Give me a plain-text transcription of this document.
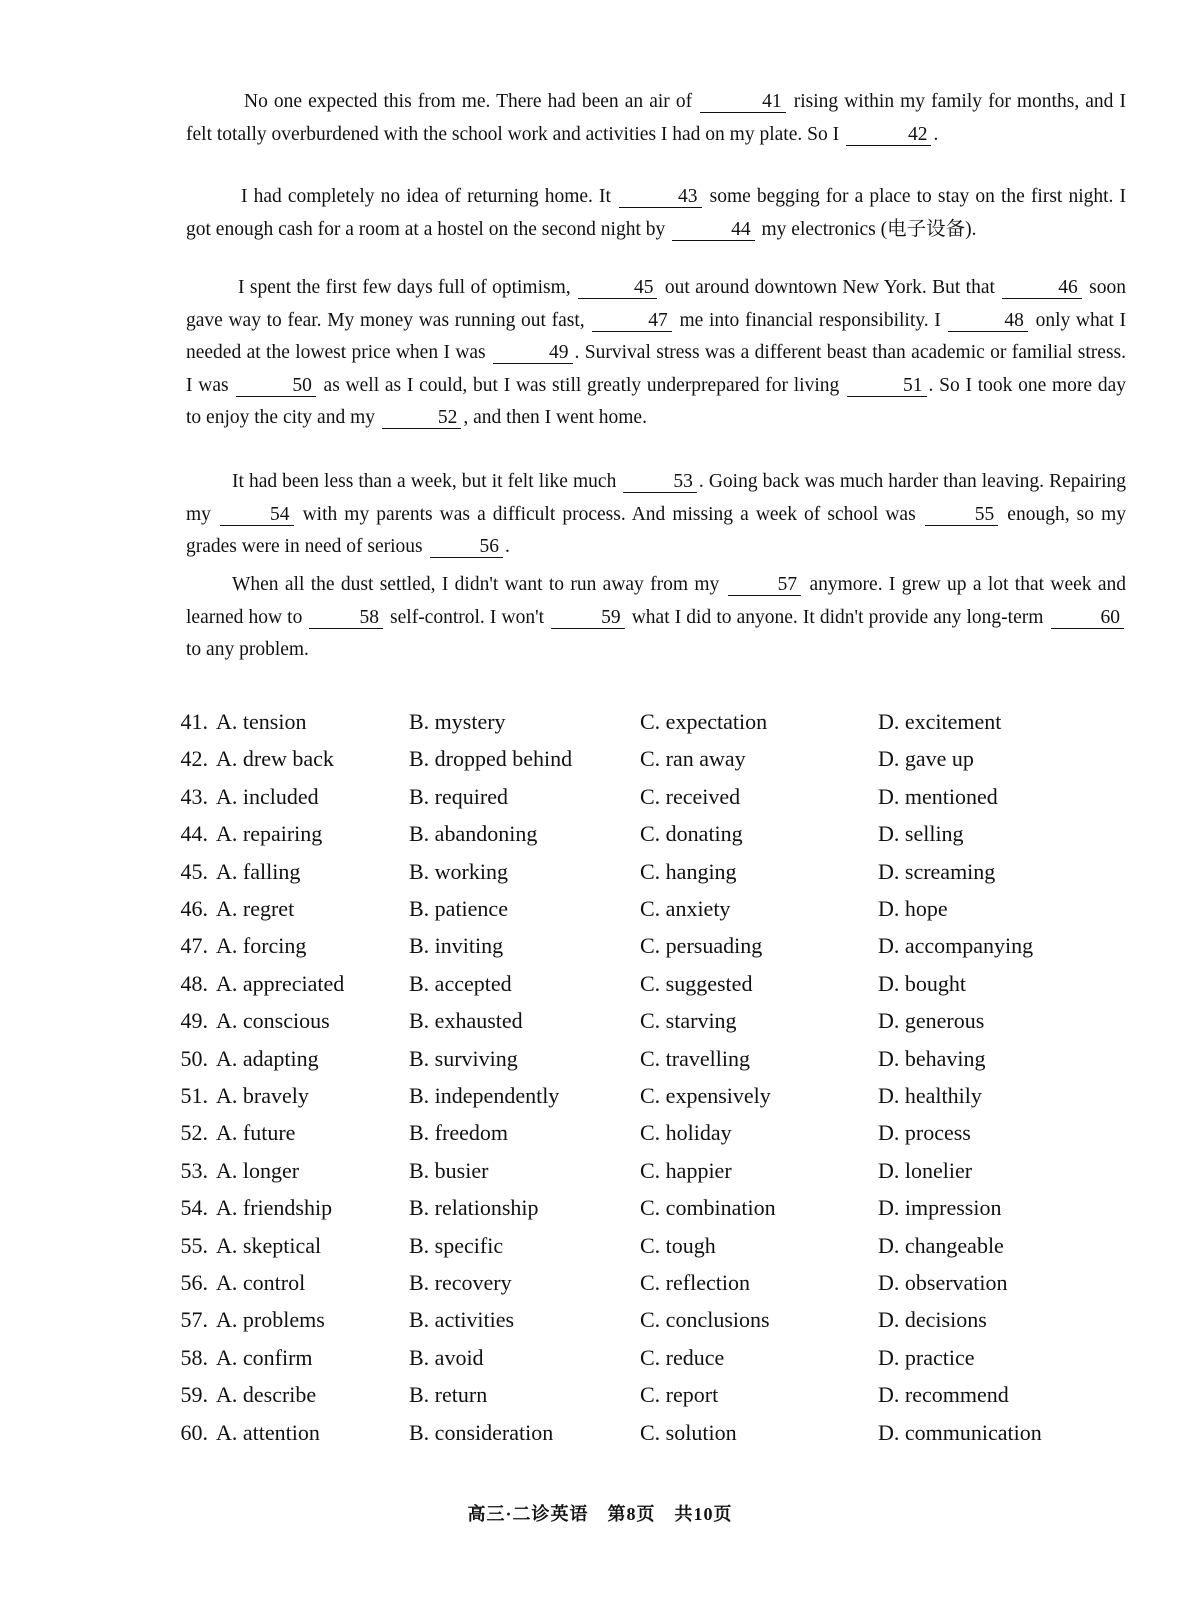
No one expected this from me. There had been an air of	41 rising within my family for months, and I felt totally overburdened with the school work and activities I had on my plate. So I	42 .

I had completely no idea of returning home. It	43 some begging for a place to stay on the first night. I got enough cash for a room at a hostel on the second night by	44 my electronics (电子设备).

I spent the first few days full of optimism,	45 out around downtown New York. But that	46 soon gave way to fear. My money was running out fast,	47 me into financial responsibility. I	48 only what I needed at the lowest price when I was	49 . Survival stress was a different beast than academic or familial stress. I was	50 as well as I could, but I was still greatly underprepared for living	51 . So I took one more day to enjoy the city and my	52 , and then I went home.

It had been less than a week, but it felt like much	53 . Going back was much harder than leaving. Repairing my	54 with my parents was a difficult process. And missing a week of school was	55 enough, so my grades were in need of serious	56 .

When all the dust settled, I didn't want to run away from my	57 anymore. I grew up a lot that week and learned how to	58 self-control. I won't	59 what I did to anyone. It didn't provide any long-term	60 to any problem.

41. A. tension	B. mystery	C. expectation	D. excitement
42. A. drew back	B. dropped behind	C. ran away	D. gave up
43. A. included	B. required	C. received	D. mentioned
44. A. repairing	B. abandoning	C. donating	D. selling
45. A. falling	B. working	C. hanging	D. screaming
46. A. regret	B. patience	C. anxiety	D. hope
47. A. forcing	B. inviting	C. persuading	D. accompanying
48. A. appreciated	B. accepted	C. suggested	D. bought
49. A. conscious	B. exhausted	C. starving	D. generous
50. A. adapting	B. surviving	C. travelling	D. behaving
51. A. bravely	B. independently	C. expensively	D. healthily
52. A. future	B. freedom	C. holiday	D. process
53. A. longer	B. busier	C. happier	D. lonelier
54. A. friendship	B. relationship	C. combination	D. impression
55. A. skeptical	B. specific	C. tough	D. changeable
56. A. control	B. recovery	C. reflection	D. observation
57. A. problems	B. activities	C. conclusions	D. decisions
58. A. confirm	B. avoid	C. reduce	D. practice
59. A. describe	B. return	C. report	D. recommend
60. A. attention	B. consideration	C. solution	D. communication
高三·二诊英语　第8页　共10页
